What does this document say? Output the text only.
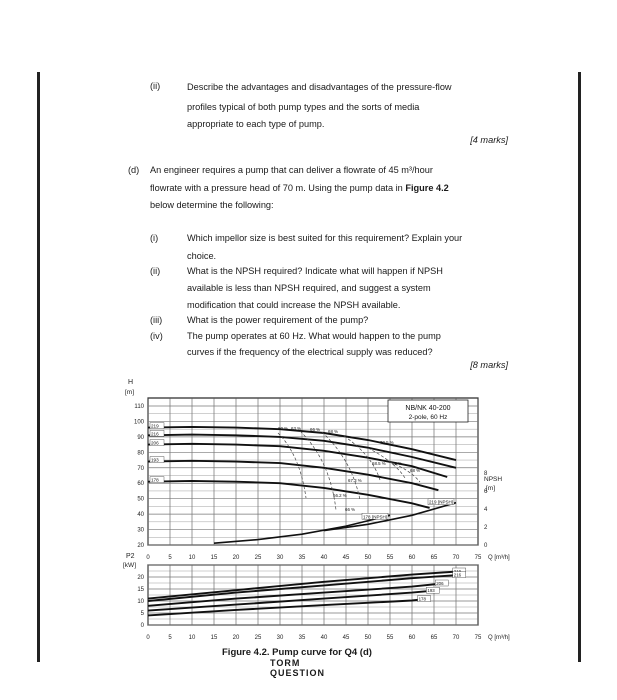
(ii)	Describe the advantages and disadvantages of the pressure-flow
profiles typical of both pump types and the sorts of media
appropriate to each type of pump.
[4 marks]
(d) An engineer requires a pump that can deliver a flowrate of 45 m³/hour
flowrate with a pressure head of 70 m. Using the pump data in Figure 4.2
below determine the following:
(i)	Which impellor size is best suited for this requirement? Explain your
choice.
(ii)	What is the NPSH required? Indicate what will happen if NPSH
available is less than NPSH required, and suggest a system
modification that could increase the NPSH available.
(iii)	What is the power requirement of the pump?
(iv)	The pump operates at 60 Hz. What would happen to the pump
curves if the frequency of the electrical supply was reduced?
[8 marks]
0	5	10	15	20	25	30	35	40	45	50	55	60	65	70	75 Q [m³/h]
20
30
40
50
60
70
80
90
100
110
H
[m]
0
2
4
6
8
NPSH
[m]
NB/NK 40-200
2-pole, 60 Hz
219
216
206
193
178
219 (NPSH)
178 (NPSH)
60 % 63 % 66 % 68 %
70.5 %
68.5 % 69 %
68 %
67.3 %
66.2 %
66 %
0	5	10	15	20	25	30	35	40	45	50	55	60	65	70	75 Q [m³/h]
0
5
10
15
20
P2
[kW]
216
206
193
178
Figure 4.2. Pump curve for Q4 (d)
TORM QUESTION
